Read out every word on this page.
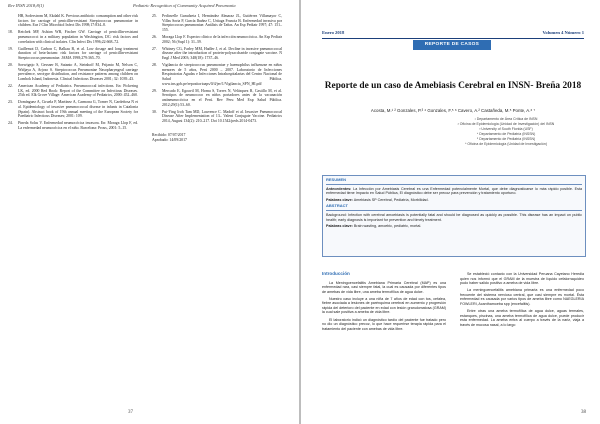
Rev INSN 2018;8(1)	Pediatric Recognition of Community Acquired Pneumonia
HB, Soderstrom M, Ekdahl K. Previous antibiotic consumption and other risk factors for carriage of penicillin-resistant Streptococcus pneumoniae in children. Eur J Clin Microbiol Infect Dis 1998;17:834–8.
18.	Reichek MP, Ashton WB, Fischer GW. Carriage of penicillin-resistant pneumococci in a military population in Washington, DC: risk factors and correlation with clinical isolates. Clin Infect Dis 1996;22:668–72.
19.	Guillemot D, Carbon C, Balkau B, et al. Low dosage and long treatment duration of beta-lactam: risk factors for carriage of penicillin-resistant Streptococcus pneumoniae. JAMA 1998;279:365–70.
20.	Soewignjo S, Gessner B, Sutanto A, Steinhoff M, Prijanto M, Nelson C, Widjaya A, Arjoso S. Streptococcus Pneumoniae Nasopharyngeal carriage prevalence, serotype distribution, and resistance patterns among children on Lombok Island, Indonesia. Clinical Infectious Diseases 2001; 32: 1039–43.
22.	American Academy of Pediatrics. Pneumococcal infections. En: Pickering LK, ed. 2000 Red Book: Report of the Committee on Infectious Diseases. 25th ed. Elk Grove Village: American Academy of Pediatrics, 2000: 452–460.
23.	Domínguez A, Ciruela P, Martínez A, Carmona G, Torner N, Cardeñosa N et al. Epidemiology of invasive pneumococcal disease in infants in Catalonia (Spain). Abstract book of 19th annual meeting of the European Society for Paediatric Infectious Diseases; 2001: 109.
24.	Pineda Solas V. Enfermedad neumocócica invasora. En: Moraga Llop F, ed. La enfermedad neumocócica en el niño. Barcelona: Prous, 2001: 5–15.
25.	Pediavelle Gurudzeta I, Hernández Almaraz JL, Gutiérrez Villamayor C, Villas Soria P, García Ibañez C, Urtiaga Francia B. Enfermedad invasiva por Streptococcus pneumoniae. Análisis de Tañas. An Esp Pediatr 1997; 47: 151–155.
26.	Moraga Llop F. Espectro clínico de la infección neumocócica. An Esp Pediatr 2002; 56 (Supl 1): 31–39.
27.	Whitney CG, Farley MM, Hadler J, et al. Decline in invasive pneumococcal disease after the introduction of protein-polysaccharide conjugate vaccine. N Engl J Med 2003; 348(18): 1737–46.
28.	Vigilancia de streptococcus pneumoniae y haemophilus influenzae en niños menores de 5 años, Perú 2000 – 2007. Laboratorio de Infecciones Respiratorias Agudas e Infecciones Intrahospitalarias del Centro Nacional de Salud Pública. www.ins.gob.pe/repositorioaps/0/4/jer/1/Vigilancia_SPN_HI.pdf
29.	Mercado E, Egoavil M, Horna S, Torres N, Velásquez R, Castillo M, et al. Serotipos de neumococo en niños portadores antes de la vacunación antineumocócica en el Perú. Rev Peru Med Exp Salud Pública. 2012;29(1):53–60.
30.	Pui-Ying Iroh Tam MD, Lawrence C. Madoff et al. Invasive Pneumococcal Disease After Implementation of 13– Valent Conjugate Vaccine. Pediatrics 2014, August 134(2): 210–217. Doi 10.1542/peds.2014-0473.
Recibido: 07/07/2017
Aprobado: 14/09/2017
37
Enero 2018	Volumen 4 Número 1
REPORTE DE CASOS
Reporte de un caso de Amebiasis Cerebral en INSN- Breña 2018
Acosta, M.¹ ² Gonzales, P.³ ⁴ Gonzales, F.⁵ ⁶ Cavero, A.² Castañeda, M.⁵ Ponte, A.⁶ ⁷
¹ Departamento de Área Crítica de INSN
² Oficina de Epidemiología (Unidad de Investigación) del INSN
³ University of South Florida (USF)
⁴ Departamento de Pediatría (INSSN)
⁵ Departamento de Pediatría (INSSN)
⁶ Oficina de Epidemiología (Unidad de Investigación)
RESUMEN

Antecedentes: La Infección por Amebiasis Cerebral es una Enfermedad potencialmente Mortal, que debe diagnosticarse lo más rápido posible. Esta enfermedad tiene Impacto en Salud Pública, El diagnóstico debe ser precoz para prevención y tratamiento oportuno.

Palabras clave: Amebiasis SP Cerebral, Pediatría, Morbilidad.

ABSTRACT

Background: Infection with cerebral amoebiasis is potentially fatal and should be diagnosed as quickly as possible. This disease has an impact on public health; early diagnosis is important for prevention and timely treatment.

Palabras clave: Brain wasting, amoebic, pediatric, mortal.

Introducción

La Meningoencefalitis Amebiana Primaria Cerebral (MAP) es una enfermedad rara, casi siempre fatal, la cual es causada por diferentes tipos de amebas de vida libre, una ameba termofílica de agua dulce.

Nuestro caso incluye a una niña de 7 años de edad con tos, cefalea, fiebre asociada a lesiones de parénquima cerebral en aumento y progresión rápida del deterioro del paciente en edad con lesión granulomatosa (GRAM) la cual sale positiva a ameba de vida libre.

El laboratorio indicó un diagnóstico tardío del paciente fue tratado pero no dio un diagnóstico precoz, lo que hace requerirse terapia rápida para el tratamiento del paciente con amebas de vida libre.

Se estableció contacto con la Universidad Peruana Cayetano Heredia quien nos informó que el GRAM de la muestra de líquido cefalorraquídeo pudo haber salido positivo a ameba de vida libre.

La meningoencefalitis amebiana primaria es una enfermedad poco frecuente del sistema nervioso central, que casi siempre es mortal. Ésta enfermedad es causada por varios tipos de ameba libre como NAEGLERIA FOWLERI, Acanthamoeba spp (encefalitis).

Entre otras una ameba termofílica de agua dulce, aguas termales, estanques, piscinas, una ameba termofílica de agua dulce, puede producir esta enfermedad. La ameba entra al cuerpo a través de la nariz, viaja a través de mucosa nasal, a lo largo

38
